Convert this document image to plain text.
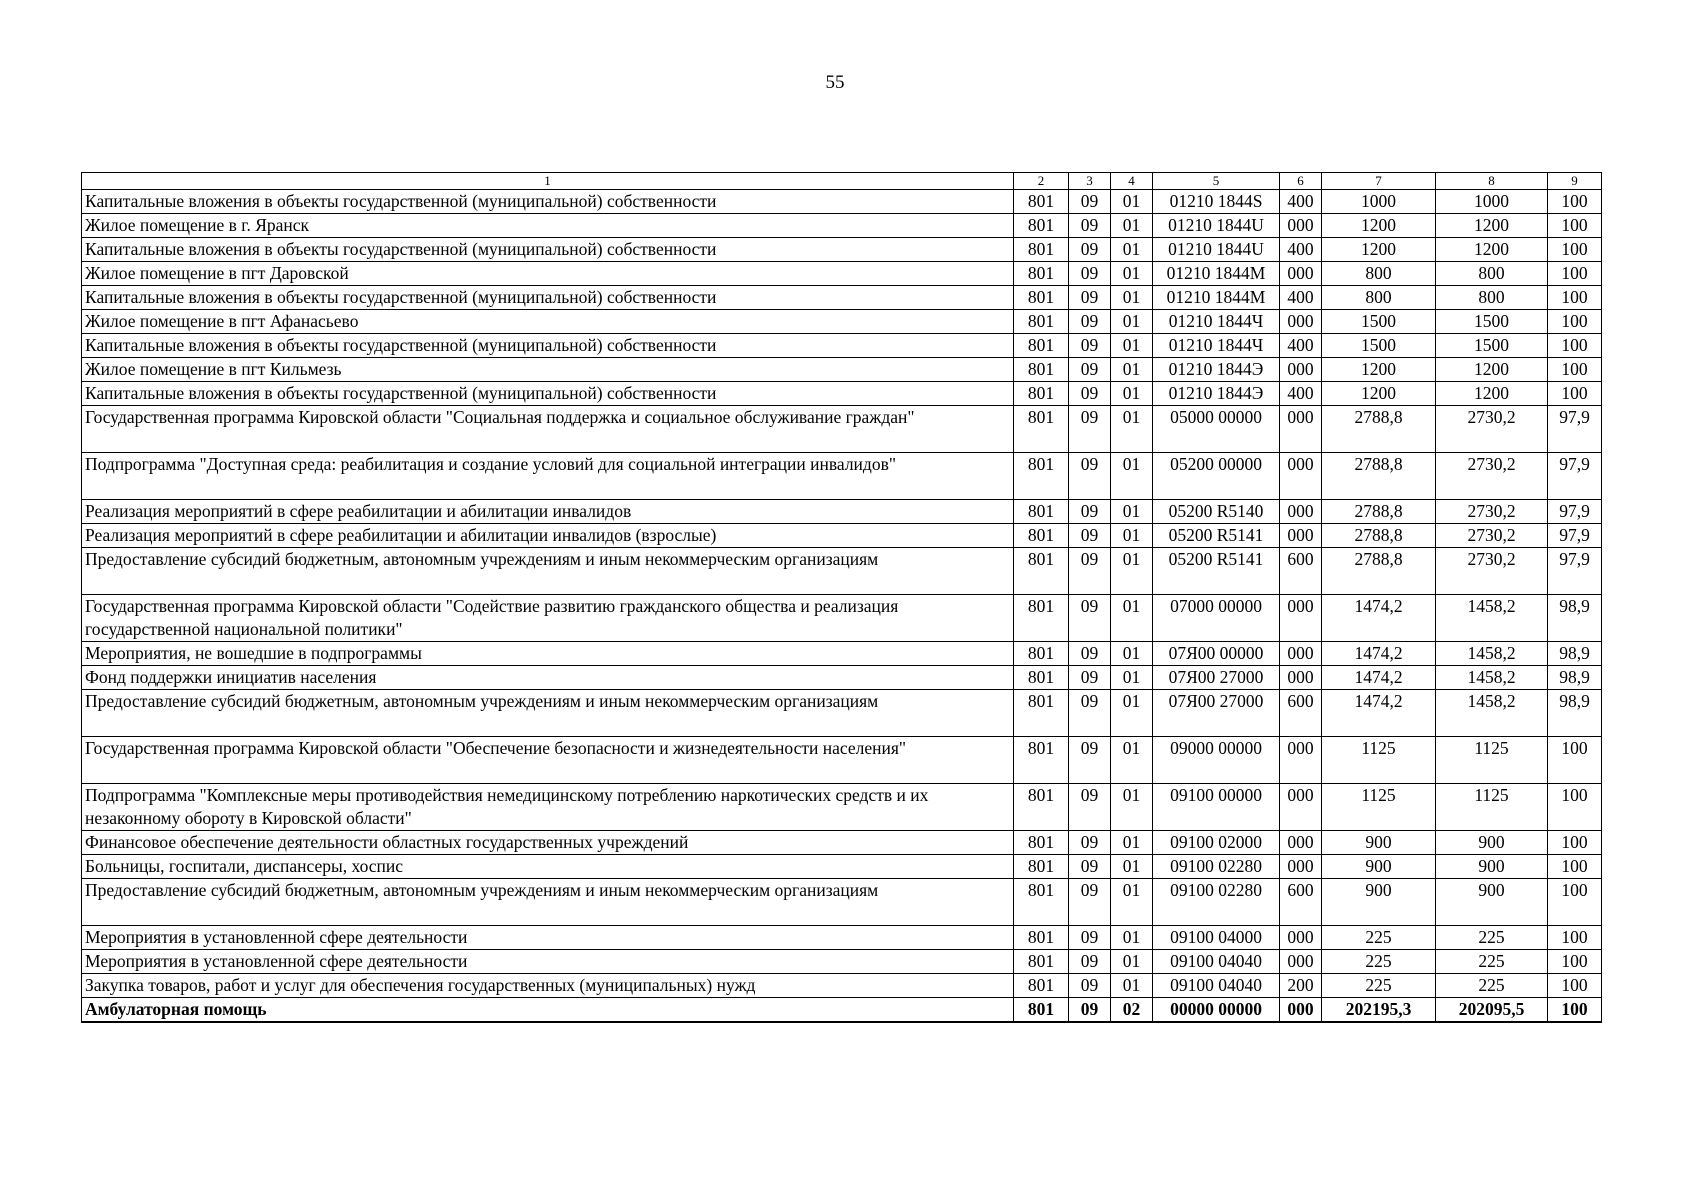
55
1	2	3	4	5	6	7	8	9
Капитальные вложения в объекты государственной (муниципальной) собственности	801	09	01	01210 1844S	400	1000	1000	100
Жилое помещение в г. Яранск	801	09	01	01210 1844U	000	1200	1200	100
Капитальные вложения в объекты государственной (муниципальной) собственности	801	09	01	01210 1844U	400	1200	1200	100
Жилое помещение в пгт Даровской	801	09	01	01210 1844M	000	800	800	100
Капитальные вложения в объекты государственной (муниципальной) собственности	801	09	01	01210 1844M	400	800	800	100
Жилое помещение в пгт Афанасьево	801	09	01	01210 1844Ч	000	1500	1500	100
Капитальные вложения в объекты государственной (муниципальной) собственности	801	09	01	01210 1844Ч	400	1500	1500	100
Жилое помещение в пгт Кильмезь	801	09	01	01210 1844Э	000	1200	1200	100
Капитальные вложения в объекты государственной (муниципальной) собственности	801	09	01	01210 1844Э	400	1200	1200	100
Государственная программа Кировской области "Социальная поддержка и социальное обслуживание граждан"	801	09	01	05000 00000	000	2788,8	2730,2	97,9
Подпрограмма "Доступная среда: реабилитация и создание условий для социальной интеграции инвалидов"	801	09	01	05200 00000	000	2788,8	2730,2	97,9
Реализация мероприятий в сфере реабилитации и абилитации инвалидов	801	09	01	05200 R5140	000	2788,8	2730,2	97,9
Реализация мероприятий в сфере реабилитации и абилитации инвалидов (взрослые)	801	09	01	05200 R5141	000	2788,8	2730,2	97,9
Предоставление субсидий бюджетным, автономным учреждениям и иным некоммерческим организациям	801	09	01	05200 R5141	600	2788,8	2730,2	97,9
Государственная программа Кировской области "Содействие развитию гражданского общества и реализация государственной национальной политики"	801	09	01	07000 00000	000	1474,2	1458,2	98,9
Мероприятия, не вошедшие в подпрограммы	801	09	01	07Я00 00000	000	1474,2	1458,2	98,9
Фонд поддержки инициатив населения	801	09	01	07Я00 27000	000	1474,2	1458,2	98,9
Предоставление субсидий бюджетным, автономным учреждениям и иным некоммерческим организациям	801	09	01	07Я00 27000	600	1474,2	1458,2	98,9
Государственная программа Кировской области "Обеспечение безопасности и жизнедеятельности населения"	801	09	01	09000 00000	000	1125	1125	100
Подпрограмма "Комплексные меры противодействия немедицинскому потреблению наркотических средств и их незаконному обороту в Кировской области"	801	09	01	09100 00000	000	1125	1125	100
Финансовое обеспечение деятельности областных государственных учреждений	801	09	01	09100 02000	000	900	900	100
Больницы, госпитали, диспансеры, хоспис	801	09	01	09100 02280	000	900	900	100
Предоставление субсидий бюджетным, автономным учреждениям и иным некоммерческим организациям	801	09	01	09100 02280	600	900	900	100
Мероприятия в установленной сфере деятельности	801	09	01	09100 04000	000	225	225	100
Мероприятия в установленной сфере деятельности	801	09	01	09100 04040	000	225	225	100
Закупка товаров, работ и услуг для обеспечения государственных (муниципальных) нужд	801	09	01	09100 04040	200	225	225	100
Амбулаторная помощь	801	09	02	00000 00000	000	202195,3	202095,5	100
